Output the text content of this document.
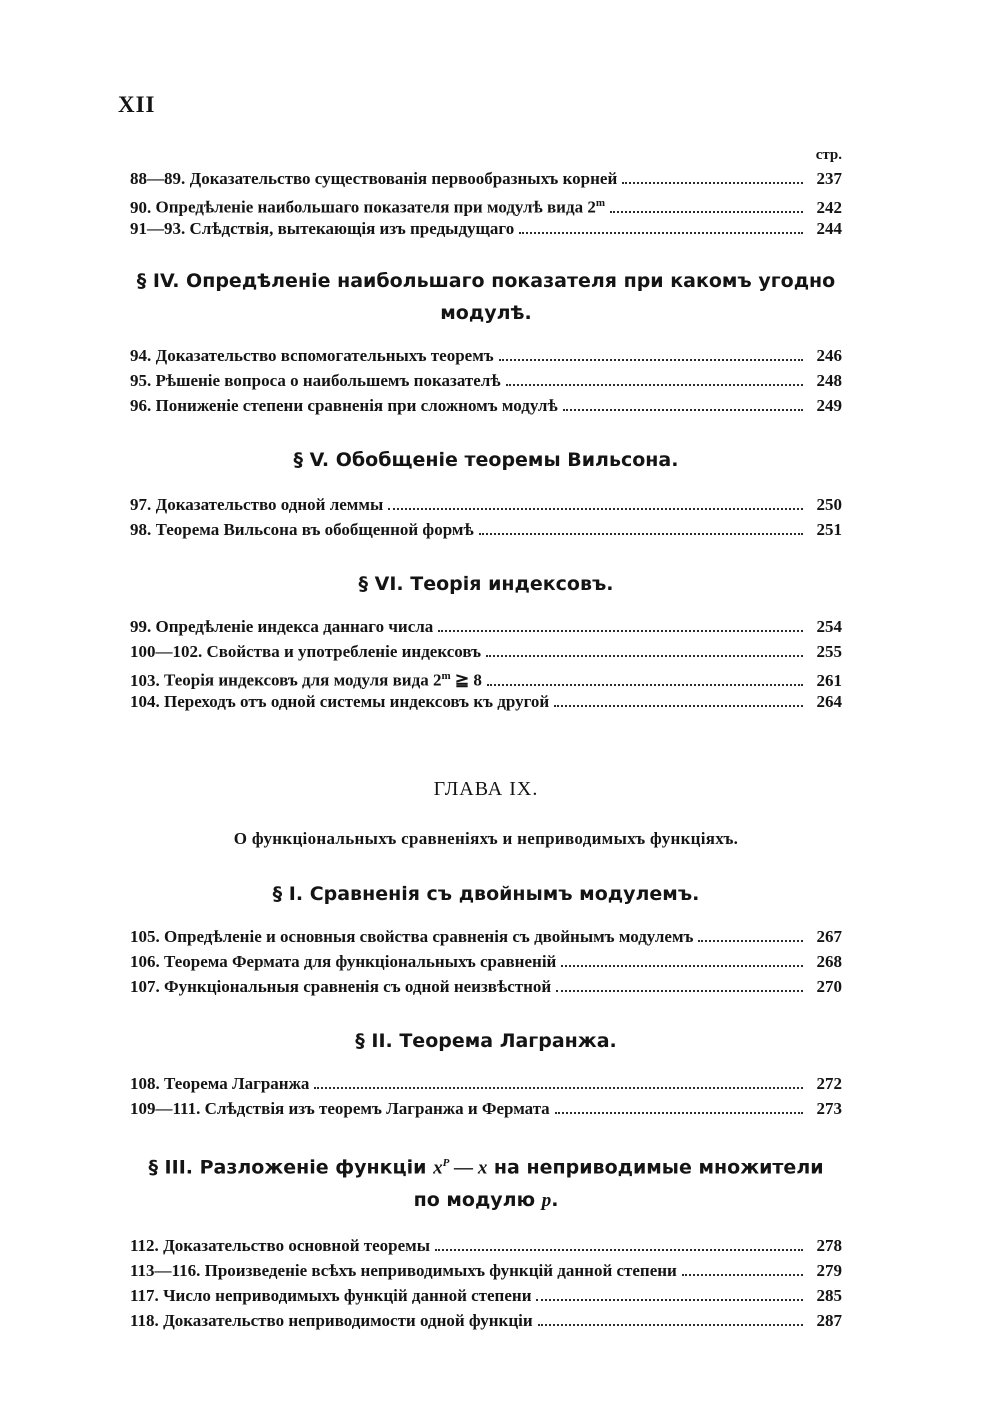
XII
стр.
88—89. Доказательство существованія первообразныхъ корней	237
90. Опредѣленіе наибольшаго показателя при модулѣ вида 2$^m$	242
91—93. Слѣдствія, вытекающія изъ предыдущаго	244

§ IV. Опредѣленіе наибольшаго показателя при какомъ угодно
модулѣ.

94. Доказательство вспомогательныхъ теоремъ	246
95. Рѣшеніе вопроса о наибольшемъ показателѣ	248
96. Пониженіе степени сравненія при сложномъ модулѣ	249

§ V. Обобщеніе теоремы Вильсона.

97. Доказательство одной леммы	250
98. Теорема Вильсона въ обобщенной формѣ	251

§ VI. Теорія индексовъ.

99. Опредѣленіе индекса даннаго числа	254
100—102. Свойства и употребленіе индексовъ	255
103. Теорія индексовъ для модуля вида 2$^m$ ≧ 8	261
104. Переходъ отъ одной системы индексовъ къ другой	264

ГЛАВА IX.

О функціональныхъ сравненіяхъ и неприводимыхъ функціяхъ.

§ I. Сравненія съ двойнымъ модулемъ.

105. Опредѣленіе и основныя свойства сравненія съ двойнымъ модулемъ	267
106. Теорема Ферматa для функціональныхъ сравненій	268
107. Функціональныя сравненія съ одной неизвѣстной	270

§ II. Теорема Лагранжа.

108. Теорема Лагранжа	272
109—111. Слѣдствія изъ теоремъ Лагранжа и Ферматa	273

§ III. Разложеніе функціи $x^P$ — x на неприводимые множители
по модулю p.

112. Доказательство основной теоремы	278
113—116. Произведеніе всѣхъ неприводимыхъ функцій данной степени	279
117. Число неприводимыхъ функцій данной степени	285
118. Доказательство неприводимости одной функціи	287
